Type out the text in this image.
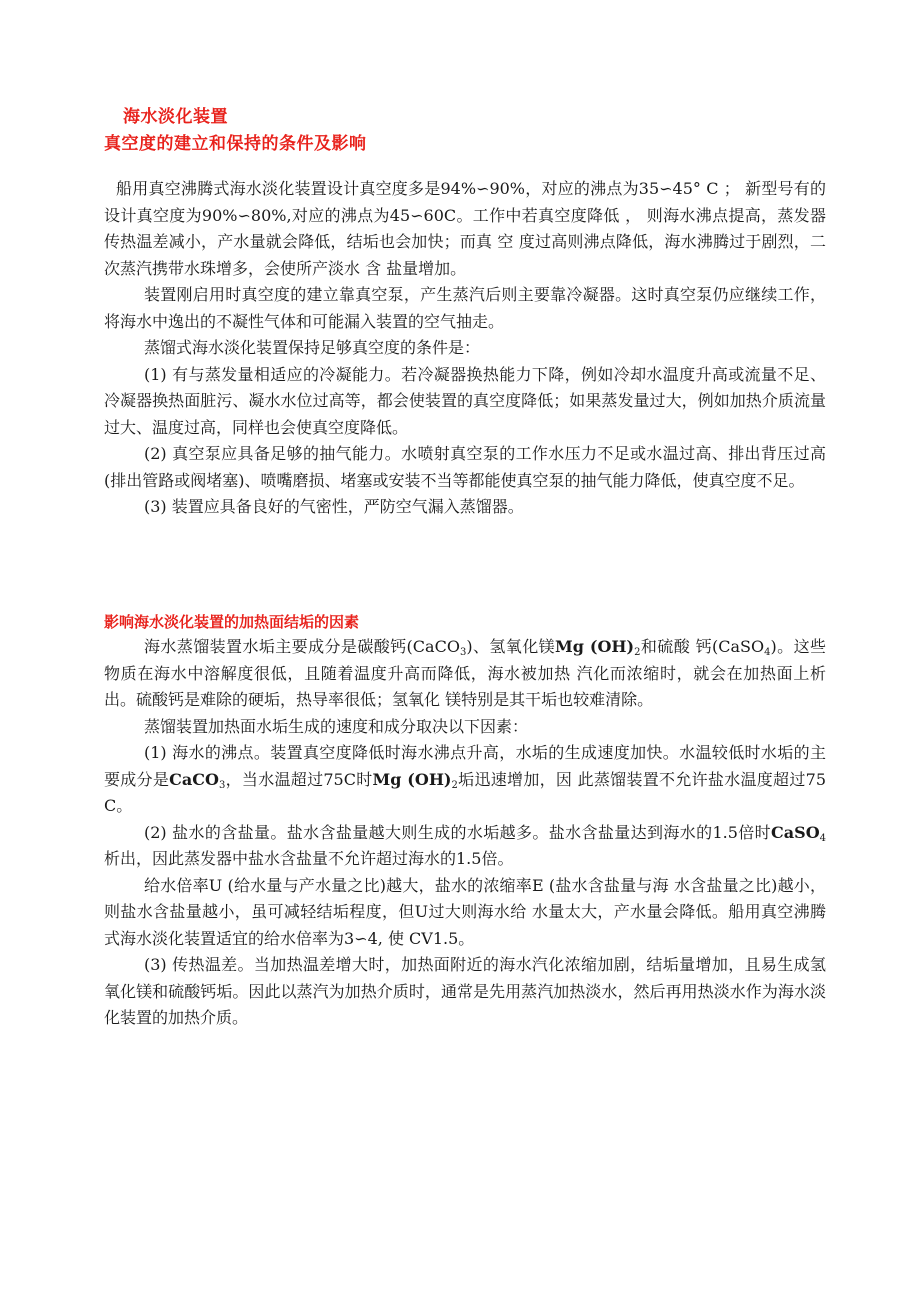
海水淡化装置
真空度的建立和保持的条件及影响

船用真空沸腾式海水淡化装置设计真空度多是94%∽90%，对应的沸点为35∽45° C ； 新型号有的设计真空度为90%∽80%,对应的沸点为45∽60C。工作中若真空度降低 ， 则海水沸点提高，蒸发器传热温差减小，产水量就会降低，结垢也会加快；而真 空 度过高则沸点降低，海水沸腾过于剧烈，二次蒸汽携带水珠增多，会使所产淡水 含 盐量增加。

装置刚启用时真空度的建立靠真空泵，产生蒸汽后则主要靠冷凝器。这时真空泵仍应继续工作，将海水中逸出的不凝性气体和可能漏入装置的空气抽走。

蒸馏式海水淡化装置保持足够真空度的条件是：

(1) 有与蒸发量相适应的冷凝能力。若冷凝器换热能力下降，例如冷却水温度升高或流量不足、冷凝器换热面脏污、凝水水位过高等，都会使装置的真空度降低；如果蒸发量过大，例如加热介质流量过大、温度过高，同样也会使真空度降低。

(2) 真空泵应具备足够的抽气能力。水喷射真空泵的工作水压力不足或水温过高、排出背压过高(排出管路或阀堵塞)、喷嘴磨损、堵塞或安装不当等都能使真空泵的抽气能力降低，使真空度不足。

(3) 装置应具备良好的气密性，严防空气漏入蒸馏器。

影响海水淡化装置的加热面结垢的因素

海水蒸馏装置水垢主要成分是碳酸钙(CaCO$_3$)、氢氧化镁Mg $(OH)_2$和硫酸 钙(CaSO$_4$)。这些物质在海水中溶解度很低，且随着温度升高而降低，海水被加热 汽化而浓缩时，就会在加热面上析出。硫酸钙是难除的硬垢，热导率很低；氢氧化 镁特别是其干垢也较难清除。

蒸馏装置加热面水垢生成的速度和成分取决以下因素：

(1) 海水的沸点。装置真空度降低时海水沸点升高，水垢的生成速度加快。水温较低时水垢的主要成分是CaCO$_3$，当水温超过75C时Mg $(OH)_2$垢迅速增加，因 此蒸馏装置不允许盐水温度超过75 C。

(2) 盐水的含盐量。盐水含盐量越大则生成的水垢越多。盐水含盐量达到海水的1.5倍时CaSO$_4$析出，因此蒸发器中盐水含盐量不允许超过海水的1.5倍。

给水倍率U (给水量与产水量之比)越大，盐水的浓缩率E (盐水含盐量与海 水含盐量之比)越小，则盐水含盐量越小，虽可减轻结垢程度，但U过大则海水给 水量太大，产水量会降低。船用真空沸腾式海水淡化装置适宜的给水倍率为3∽4, 使 CV1.5。

(3) 传热温差。当加热温差增大时，加热面附近的海水汽化浓缩加剧，结垢量增加，且易生成氢氧化镁和硫酸钙垢。因此以蒸汽为加热介质时，通常是先用蒸汽加热淡水，然后再用热淡水作为海水淡化装置的加热介质。
